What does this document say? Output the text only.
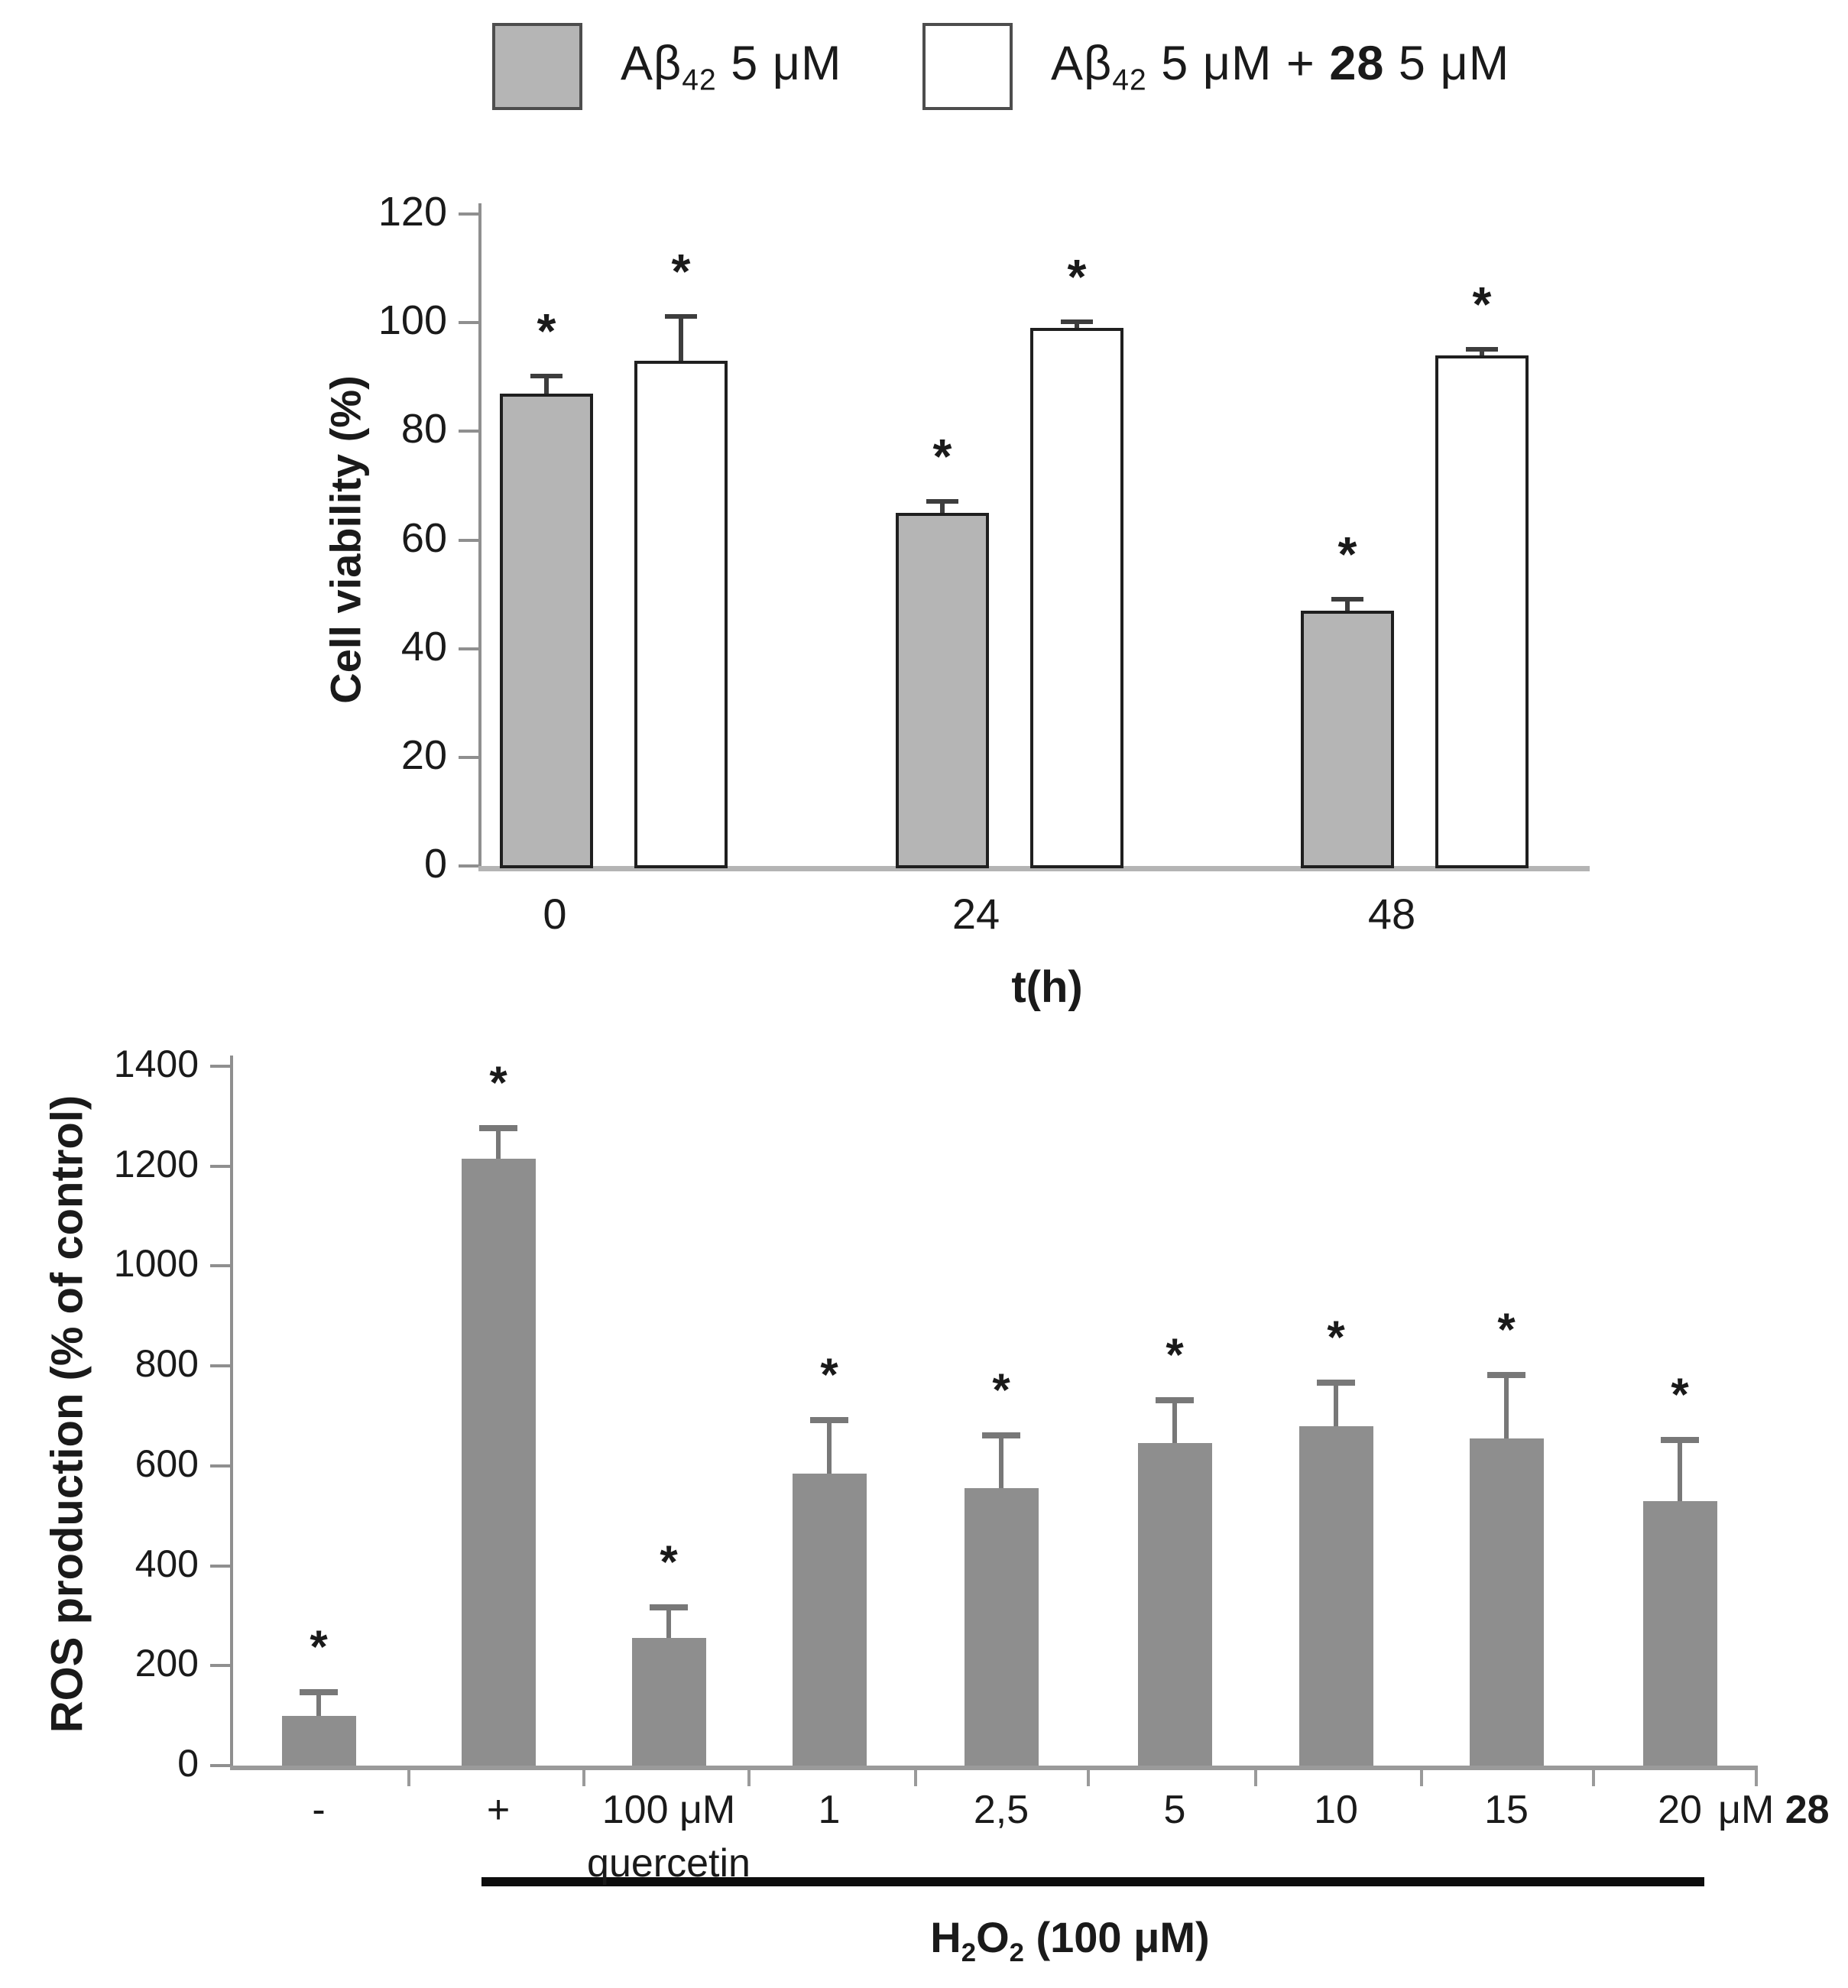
$A\beta_{42}$ 5 μM	$A\beta_{42}$ 5 μM + 28 5 μM
Cell viability (%)
t(h)
0
20
40
60
80
100
120
*
*
*
*
*
*
0	24	48
ROS production (% of control)
μM 28
$H_2O_2$ (100 μM)
0
200
400
600
800
1000
1200
1400
*
*
*
*	*
*	*	*
*
-	+ 100 μM
quercetin
1	2,5	5	10	15	20
